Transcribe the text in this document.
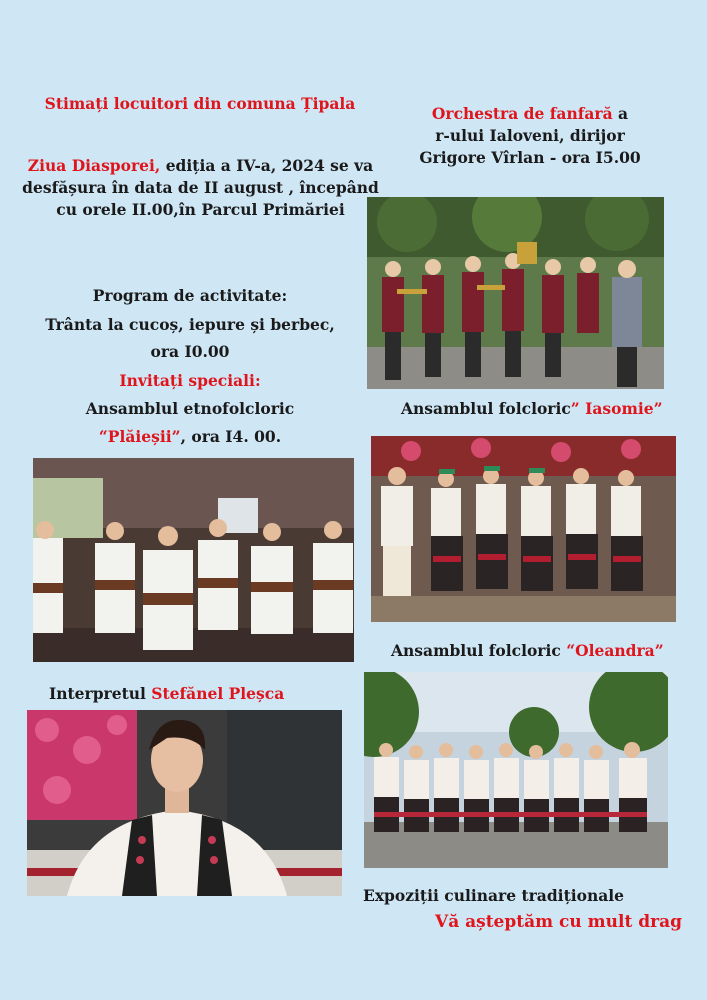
Stimați locuitori din comuna Țipala
Ziua Diasporei, ediția a IV-a, 2024 se va desfășura în data de II august , începând cu orele II.00,în Parcul Primăriei
Program de activitate:
Trânta la cucoș, iepure și berbec,
ora I0.00
Invitați speciali:
Ansamblul etnofolcloric
“Plăieșii”, ora I4. 00.
Orchestra de fanfară a
r-ului Ialoveni, dirijor
Grigore Vîrlan - ora I5.00
Ansamblul folcloric” Iasomie”
Ansamblul folcloric “Oleandra”
Interpretul Stefănel Pleșca
Expoziții culinare tradiționale
Vă așteptăm cu mult drag
